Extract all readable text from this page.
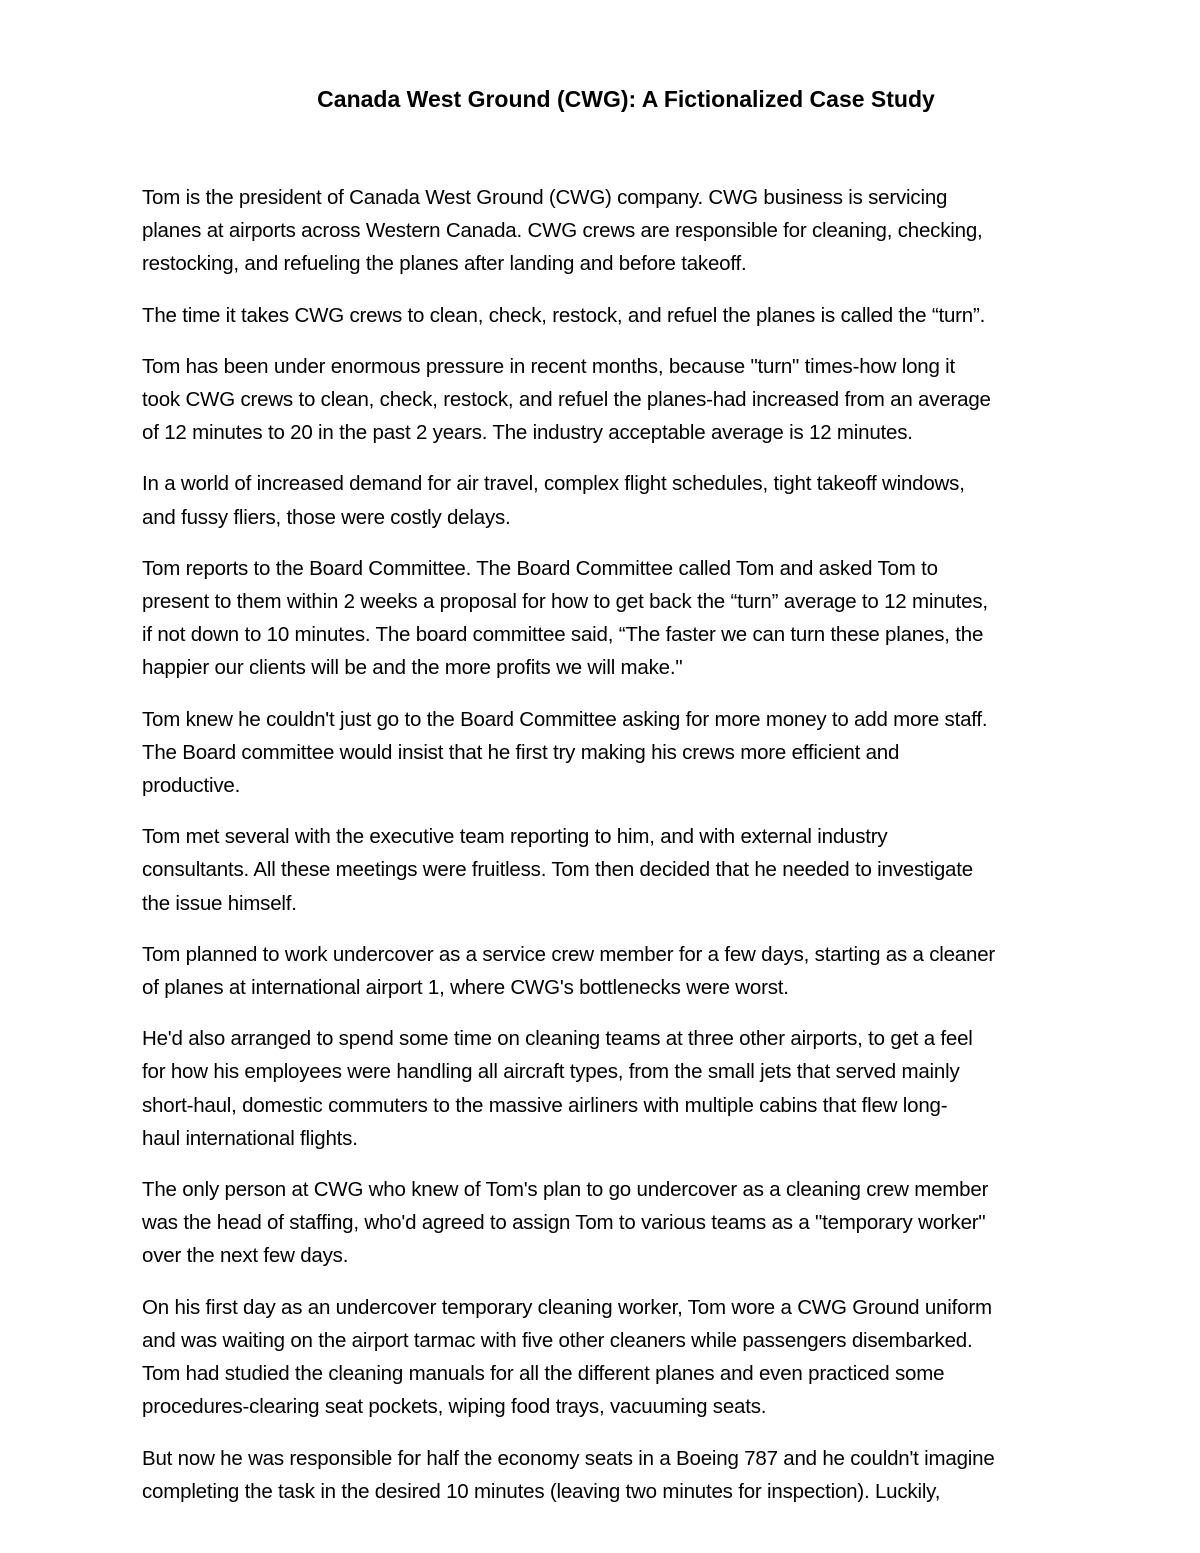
Canada West Ground (CWG): A Fictionalized Case Study

Tom is the president of Canada West Ground (CWG) company. CWG business is servicing
planes at airports across Western Canada. CWG crews are responsible for cleaning, checking,
restocking, and refueling the planes after landing and before takeoff.

The time it takes CWG crews to clean, check, restock, and refuel the planes is called the “turn”.

Tom has been under enormous pressure in recent months, because "turn" times-how long it
took CWG crews to clean, check, restock, and refuel the planes-had increased from an average
of 12 minutes to 20 in the past 2 years. The industry acceptable average is 12 minutes.

In a world of increased demand for air travel, complex flight schedules, tight takeoff windows,
and fussy fliers, those were costly delays.

Tom reports to the Board Committee. The Board Committee called Tom and asked Tom to
present to them within 2 weeks a proposal for how to get back the “turn” average to 12 minutes,
if not down to 10 minutes. The board committee said, “The faster we can turn these planes, the
happier our clients will be and the more profits we will make."

Tom knew he couldn't just go to the Board Committee asking for more money to add more staff.
The Board committee would insist that he first try making his crews more efficient and
productive.

Tom met several with the executive team reporting to him, and with external industry
consultants. All these meetings were fruitless. Tom then decided that he needed to investigate
the issue himself.

Tom planned to work undercover as a service crew member for a few days, starting as a cleaner
of planes at international airport 1, where CWG's bottlenecks were worst.

He'd also arranged to spend some time on cleaning teams at three other airports, to get a feel
for how his employees were handling all aircraft types, from the small jets that served mainly
short-haul, domestic commuters to the massive airliners with multiple cabins that flew long-
haul international flights.

The only person at CWG who knew of Tom's plan to go undercover as a cleaning crew member
was the head of staffing, who'd agreed to assign Tom to various teams as a "temporary worker"
over the next few days.

On his first day as an undercover temporary cleaning worker, Tom wore a CWG Ground uniform
and was waiting on the airport tarmac with five other cleaners while passengers disembarked.
Tom had studied the cleaning manuals for all the different planes and even practiced some
procedures-clearing seat pockets, wiping food trays, vacuuming seats.

But now he was responsible for half the economy seats in a Boeing 787 and he couldn't imagine
completing the task in the desired 10 minutes (leaving two minutes for inspection). Luckily,
